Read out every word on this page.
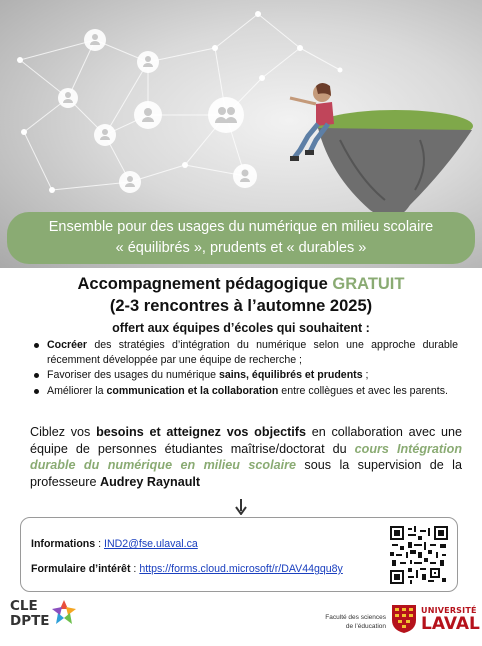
Ensemble pour des usages du numérique en milieu scolaire
« équilibrés », prudents et « durables »
Accompagnement pédagogique GRATUIT
(2-3 rencontres à l’automne 2025)
offert aux équipes d’écoles qui souhaitent :
Cocréer des stratégies d’intégration du numérique selon une approche durable récemment développée par une équipe de recherche ;
Favoriser des usages du numérique sains, équilibrés et prudents ;
Améliorer la communication et la collaboration entre collègues et avec les parents.
Ciblez vos besoins et atteignez vos objectifs en collaboration avec une équipe de personnes étudiantes maîtrise/doctorat du cours Intégration durable du numérique en milieu scolaire sous la supervision de la professeure Audrey Raynault
Informations : IND2@fse.ulaval.ca
Formulaire d’intérêt : https://forms.cloud.microsoft/r/DAV44gqu8y
CLE
DPTE	Faculté des sciences
de l’éducation
UNIVERSITÉ
LAVAL
